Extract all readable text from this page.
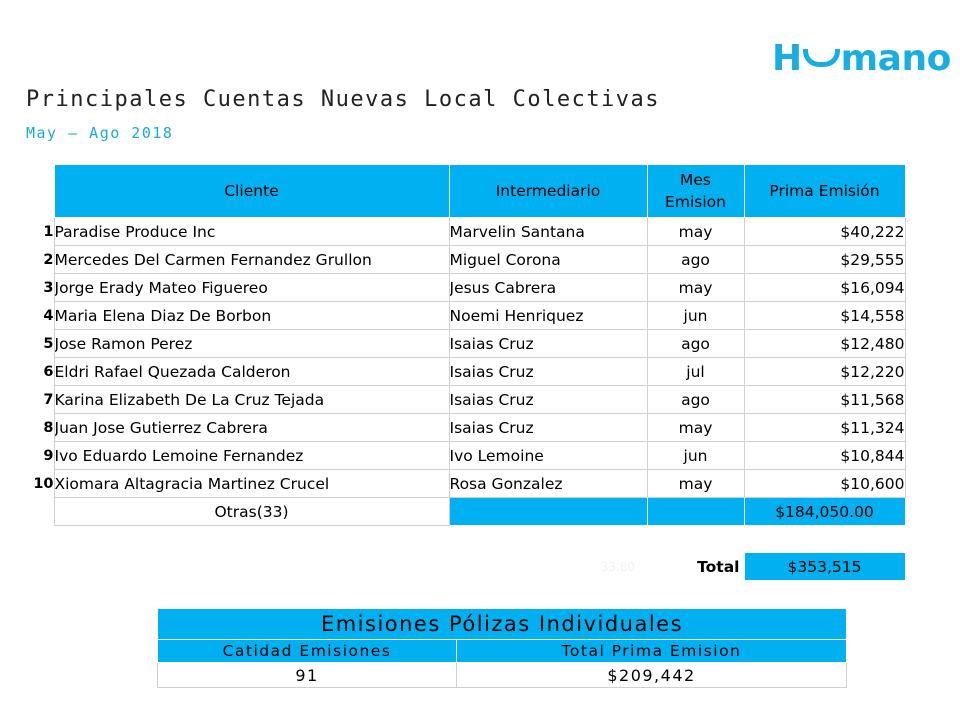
H mano
Principales Cuentas Nuevas Local Colectivas
May – Ago 2018
	Cliente	Intermediario	Mes Emision	Prima Emisión
1	Paradise Produce Inc	Marvelin Santana	may	$40,222
2	Mercedes Del Carmen Fernandez Grullon	Miguel Corona	ago	$29,555
3	Jorge Erady Mateo Figuereo	Jesus Cabrera	may	$16,094
4	Maria Elena Diaz De Borbon	Noemi Henriquez	jun	$14,558
5	Jose Ramon Perez	Isaias Cruz	ago	$12,480
6	Eldri Rafael Quezada Calderon	Isaias Cruz	jul	$12,220
7	Karina Elizabeth De La Cruz Tejada	Isaias Cruz	ago	$11,568
8	Juan Jose Gutierrez Cabrera	Isaias Cruz	may	$11,324
9	Ivo Eduardo Lemoine Fernandez	Ivo Lemoine	jun	$10,844
10	Xiomara Altagracia Martinez Crucel	Rosa Gonzalez	may	$10,600
	Otras(33)			$184,050.00

		33.80	Total	$353,515
Emisiones Pólizas Individuales	
Catidad Emisiones	Total Prima Emision
91	$209,442
